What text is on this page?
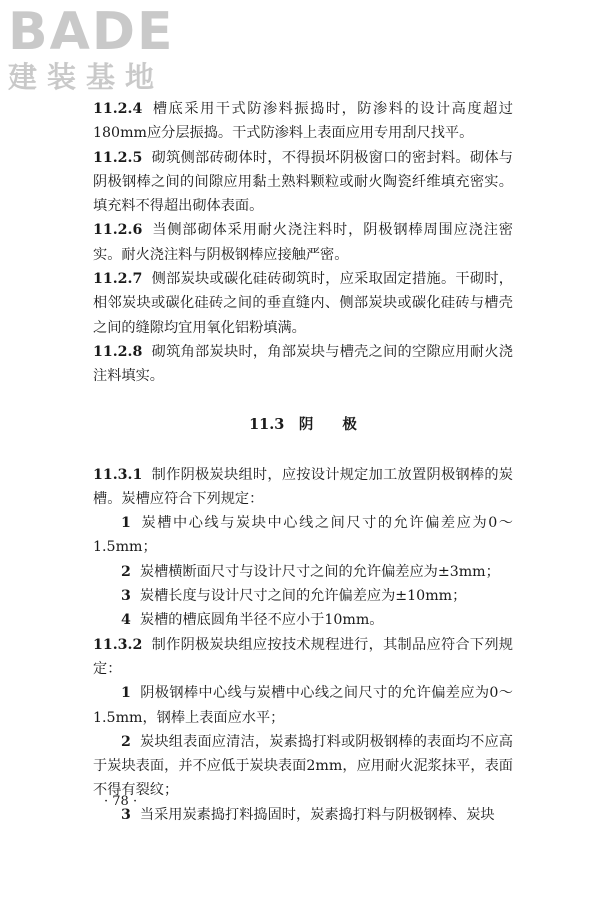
BADE
建装基地

11.2.4 槽底采用干式防渗料振捣时，防渗料的设计高度超过180mm应分层振捣。干式防渗料上表面应用专用刮尺找平。

11.2.5 砌筑侧部砖砌体时，不得损坏阴极窗口的密封料。砌体与阴极钢棒之间的间隙应用黏土熟料颗粒或耐火陶瓷纤维填充密实。填充料不得超出砌体表面。

11.2.6 当侧部砌体采用耐火浇注料时，阴极钢棒周围应浇注密实。耐火浇注料与阴极钢棒应接触严密。

11.2.7 侧部炭块或碳化硅砖砌筑时，应采取固定措施。干砌时，相邻炭块或碳化硅砖之间的垂直缝内、侧部炭块或碳化硅砖与槽壳之间的缝隙均宜用氧化铝粉填满。

11.2.8 砌筑角部炭块时，角部炭块与槽壳之间的空隙应用耐火浇注料填实。

11.3　阴　　极

11.3.1 制作阴极炭块组时，应按设计规定加工放置阴极钢棒的炭槽。炭槽应符合下列规定：

1 炭槽中心线与炭块中心线之间尺寸的允许偏差应为0～1.5mm；

2 炭槽横断面尺寸与设计尺寸之间的允许偏差应为±3mm；

3 炭槽长度与设计尺寸之间的允许偏差应为±10mm；

4 炭槽的槽底圆角半径不应小于10mm。

11.3.2 制作阴极炭块组应按技术规程进行，其制品应符合下列规定：

1 阴极钢棒中心线与炭槽中心线之间尺寸的允许偏差应为0～1.5mm，钢棒上表面应水平；

2 炭块组表面应清洁，炭素捣打料或阴极钢棒的表面均不应高于炭块表面，并不应低于炭块表面2mm，应用耐火泥浆抹平，表面不得有裂纹；

3 当采用炭素捣打料捣固时，炭素捣打料与阴极钢棒、炭块

· 78 ·
